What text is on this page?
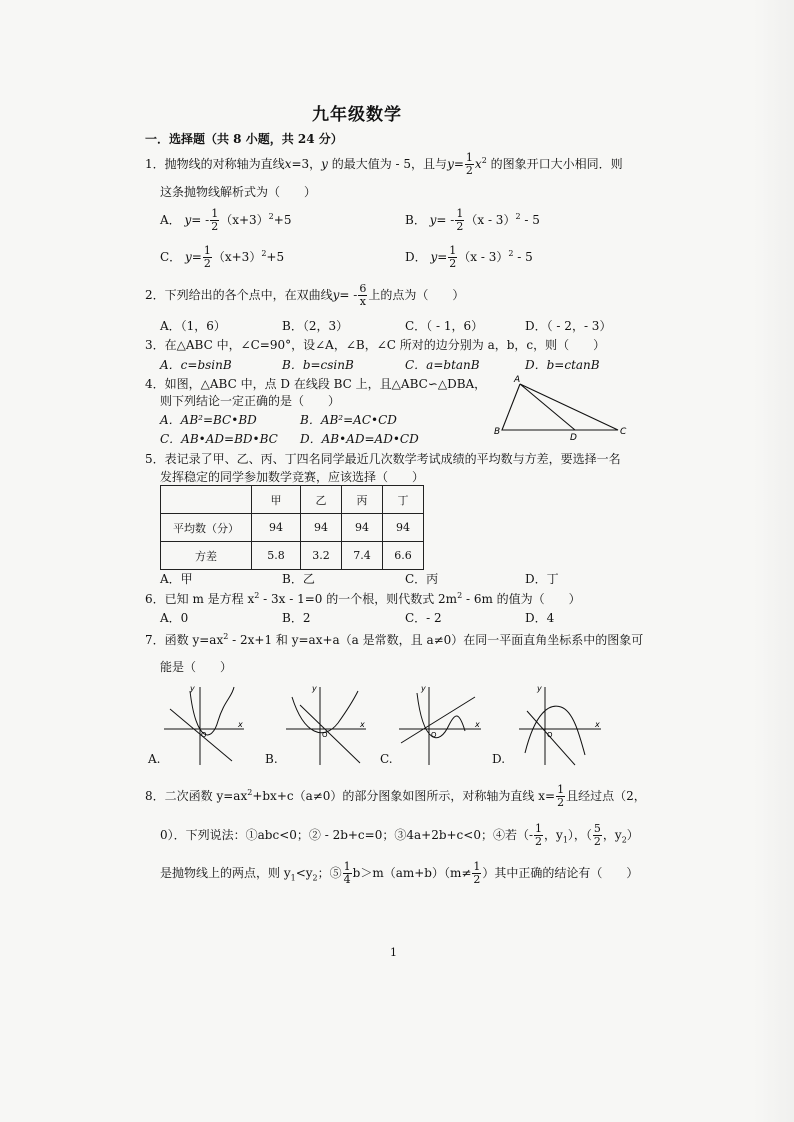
九年级数学
一．选择题（共 8 小题，共 24 分）
1．抛物线的对称轴为直线x=3，y 的最大值为 - 5，且与$y= \frac{1}{2} x^2$ 的图象开口大小相同．则
这条抛物线解析式为（　　）
A． $y= - \frac{1}{2} (x+3)^2+5$	B． $y= - \frac{1}{2} (x - 3)^2 - 5$
C． $y= \frac{1}{2} (x+3)^2+5$	D． $y= \frac{1}{2} (x - 3)^2 - 5$
2．下列给出的各个点中，在双曲线$y= - \frac{6}{x}$ 上的点为（　　）
A．（1，6）	B．（2，3）	C．（ - 1，6）	D．（ - 2，- 3）
3．在△ABC 中，∠C=90°，设∠A，∠B，∠C 所对的边分别为 a，b，c，则（　　）
A．c=bsinB	B．b=csinB	C．a=btanB	D．b=ctanB
4．如图，△ABC 中，点 D 在线段 BC 上，且△ABC∽△DBA，
则下列结论一定正确的是（　　）
A．AB²=BC•BD	B．AB²=AC•CD
C．AB•AD=BD•BC D．AB•AD=AD•CD
A
B
D
C
5．表记录了甲、乙、丙、丁四名同学最近几次数学考试成绩的平均数与方差，要选择一名
发挥稳定的同学参加数学竞赛，应该选择（　　）
	甲	乙	丙	丁
平均数（分）	94	94	94	94
方差	5.8	3.2	7.4	6.6
A．甲	B．乙	C．丙	D．丁
6．已知 m 是方程 $x^2 - 3x - 1=0$ 的一个根，则代数式 $2m^2 - 6m$ 的值为（　　）
A．0	B．2	C．- 2	D．4
7．函数 $y=ax^2 - 2x+1$ 和 y=ax+a（a 是常数，且 a≠0）在同一平面直角坐标系中的图象可
能是（　　）
y
x
O
A.
y
x
O
B.
y
x
O
C.
y
x
O
D.
8．二次函数 $y=ax^2+bx+c(a\ne 0)$的部分图象如图所示，对称轴为直线 $x= \frac{1}{2}$ 且经过点（2，
0）．下列说法：①abc<0；② - 2b+c=0；③4a+2b+c<0；④若（- $\frac{1}{2}$ ，$y_1$），（ $\frac{5}{2}$ ，$y_2$）
是抛物线上的两点，则 $y_1<y_2$；⑤ $\frac{1}{4} b>m(am+b)(m\ne \frac{1}{2}$ ）其中正确的结论有（　　）
1
